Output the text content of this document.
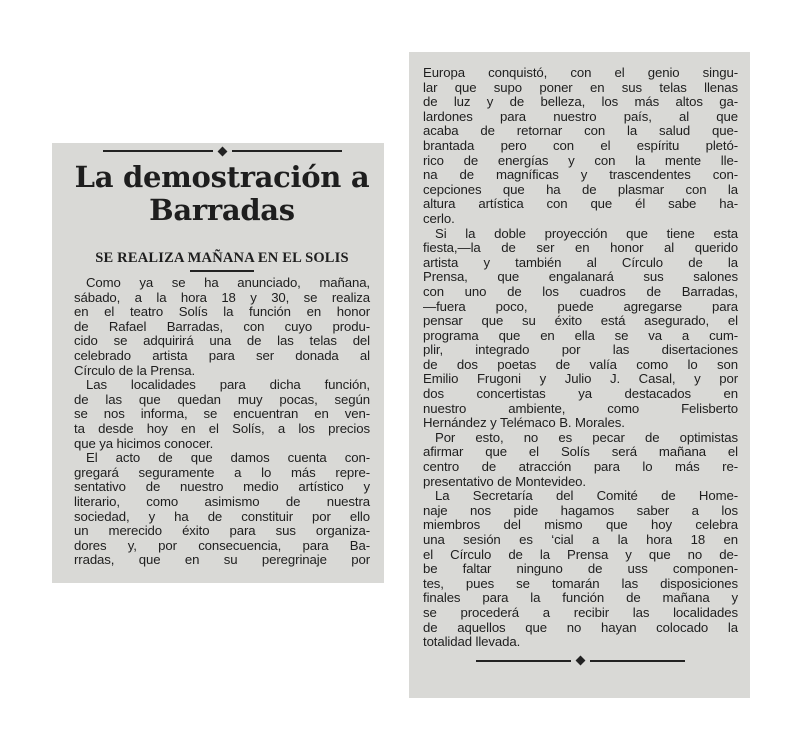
La demostración a
Barradas
SE REALIZA MAÑANA EN EL SOLIS
Como ya se ha anunciado, mañana,
sábado, a la hora 18 y 30, se realiza
en el teatro Solís la función en honor
de Rafael Barradas, con cuyo produ-
cido se adquirirá una de las telas del
celebrado artista para ser donada al
Círculo de la Prensa.
Las localidades para dicha función,
de las que quedan muy pocas, según
se nos informa, se encuentran en ven-
ta desde hoy en el Solís, a los precios
que ya hicimos conocer.
El acto de que damos cuenta con-
gregará seguramente a lo más repre-
sentativo de nuestro medio artístico y
literario, como asimismo de nuestra
sociedad, y ha de constituir por ello
un merecido éxito para sus organiza-
dores y, por consecuencia, para Ba-
rradas, que en su peregrinaje por
Europa conquistó, con el genio singu-
lar que supo poner en sus telas llenas
de luz y de belleza, los más altos ga-
lardones para nuestro país, al que
acaba de retornar con la salud que-
brantada pero con el espíritu pletó-
rico de energías y con la mente lle-
na de magníficas y trascendentes con-
cepciones que ha de plasmar con la
altura artística con que él sabe ha-
cerlo.
Si la doble proyección que tiene esta
fiesta,—la de ser en honor al querido
artista y también al Círculo de la
Prensa, que engalanará sus salones
con uno de los cuadros de Barradas,
—fuera poco, puede agregarse para
pensar que su éxito está asegurado, el
programa que en ella se va a cum-
plir, integrado por las disertaciones
de dos poetas de valía como lo son
Emilio Frugoni y Julio J. Casal, y por
dos concertistas ya destacados en
nuestro ambiente, como Felisberto
Hernández y Telémaco B. Morales.
Por esto, no es pecar de optimistas
afirmar que el Solís será mañana el
centro de atracción para lo más re-
presentativo de Montevideo.
La Secretaría del Comité de Home-
naje nos pide hagamos saber a los
miembros del mismo que hoy celebra
una sesión es ‘cial a la hora 18 en
el Círculo de la Prensa y que no de-
be faltar ninguno de uss componen-
tes, pues se tomarán las disposiciones
finales para la función de mañana y
se procederá a recibir las localidades
de aquellos que no hayan colocado la
totalidad llevada.
